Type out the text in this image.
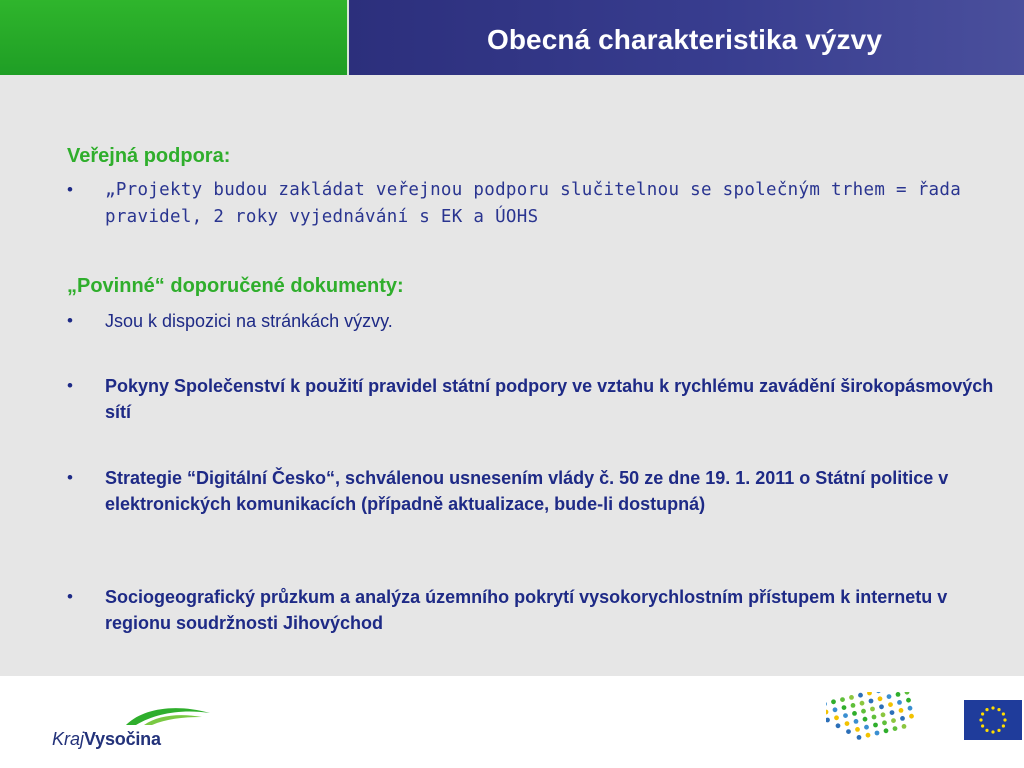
Obecná charakteristika výzvy
Veřejná podpora:
•	„Projekty budou zakládat veřejnou podporu slučitelnou se společným trhem = řada pravidel, 2 roky vyjednávání s EK a ÚOHS
„Povinné“ doporučené dokumenty:
•	Jsou k dispozici na stránkách výzvy.
•	Pokyny Společenství k použití pravidel státní podpory ve vztahu k rychlému zavádění širokopásmových sítí
•	Strategie “Digitální Česko“, schválenou usnesením vlády č. 50 ze dne 19. 1. 2011 o Státní politice v elektronických komunikacích (případně aktualizace, bude-li dostupná)
•	Sociogeografický průzkum a analýza územního pokrytí vysokorychlostním přístupem k internetu v regionu soudržnosti Jihovýchod
KrajVysočina
